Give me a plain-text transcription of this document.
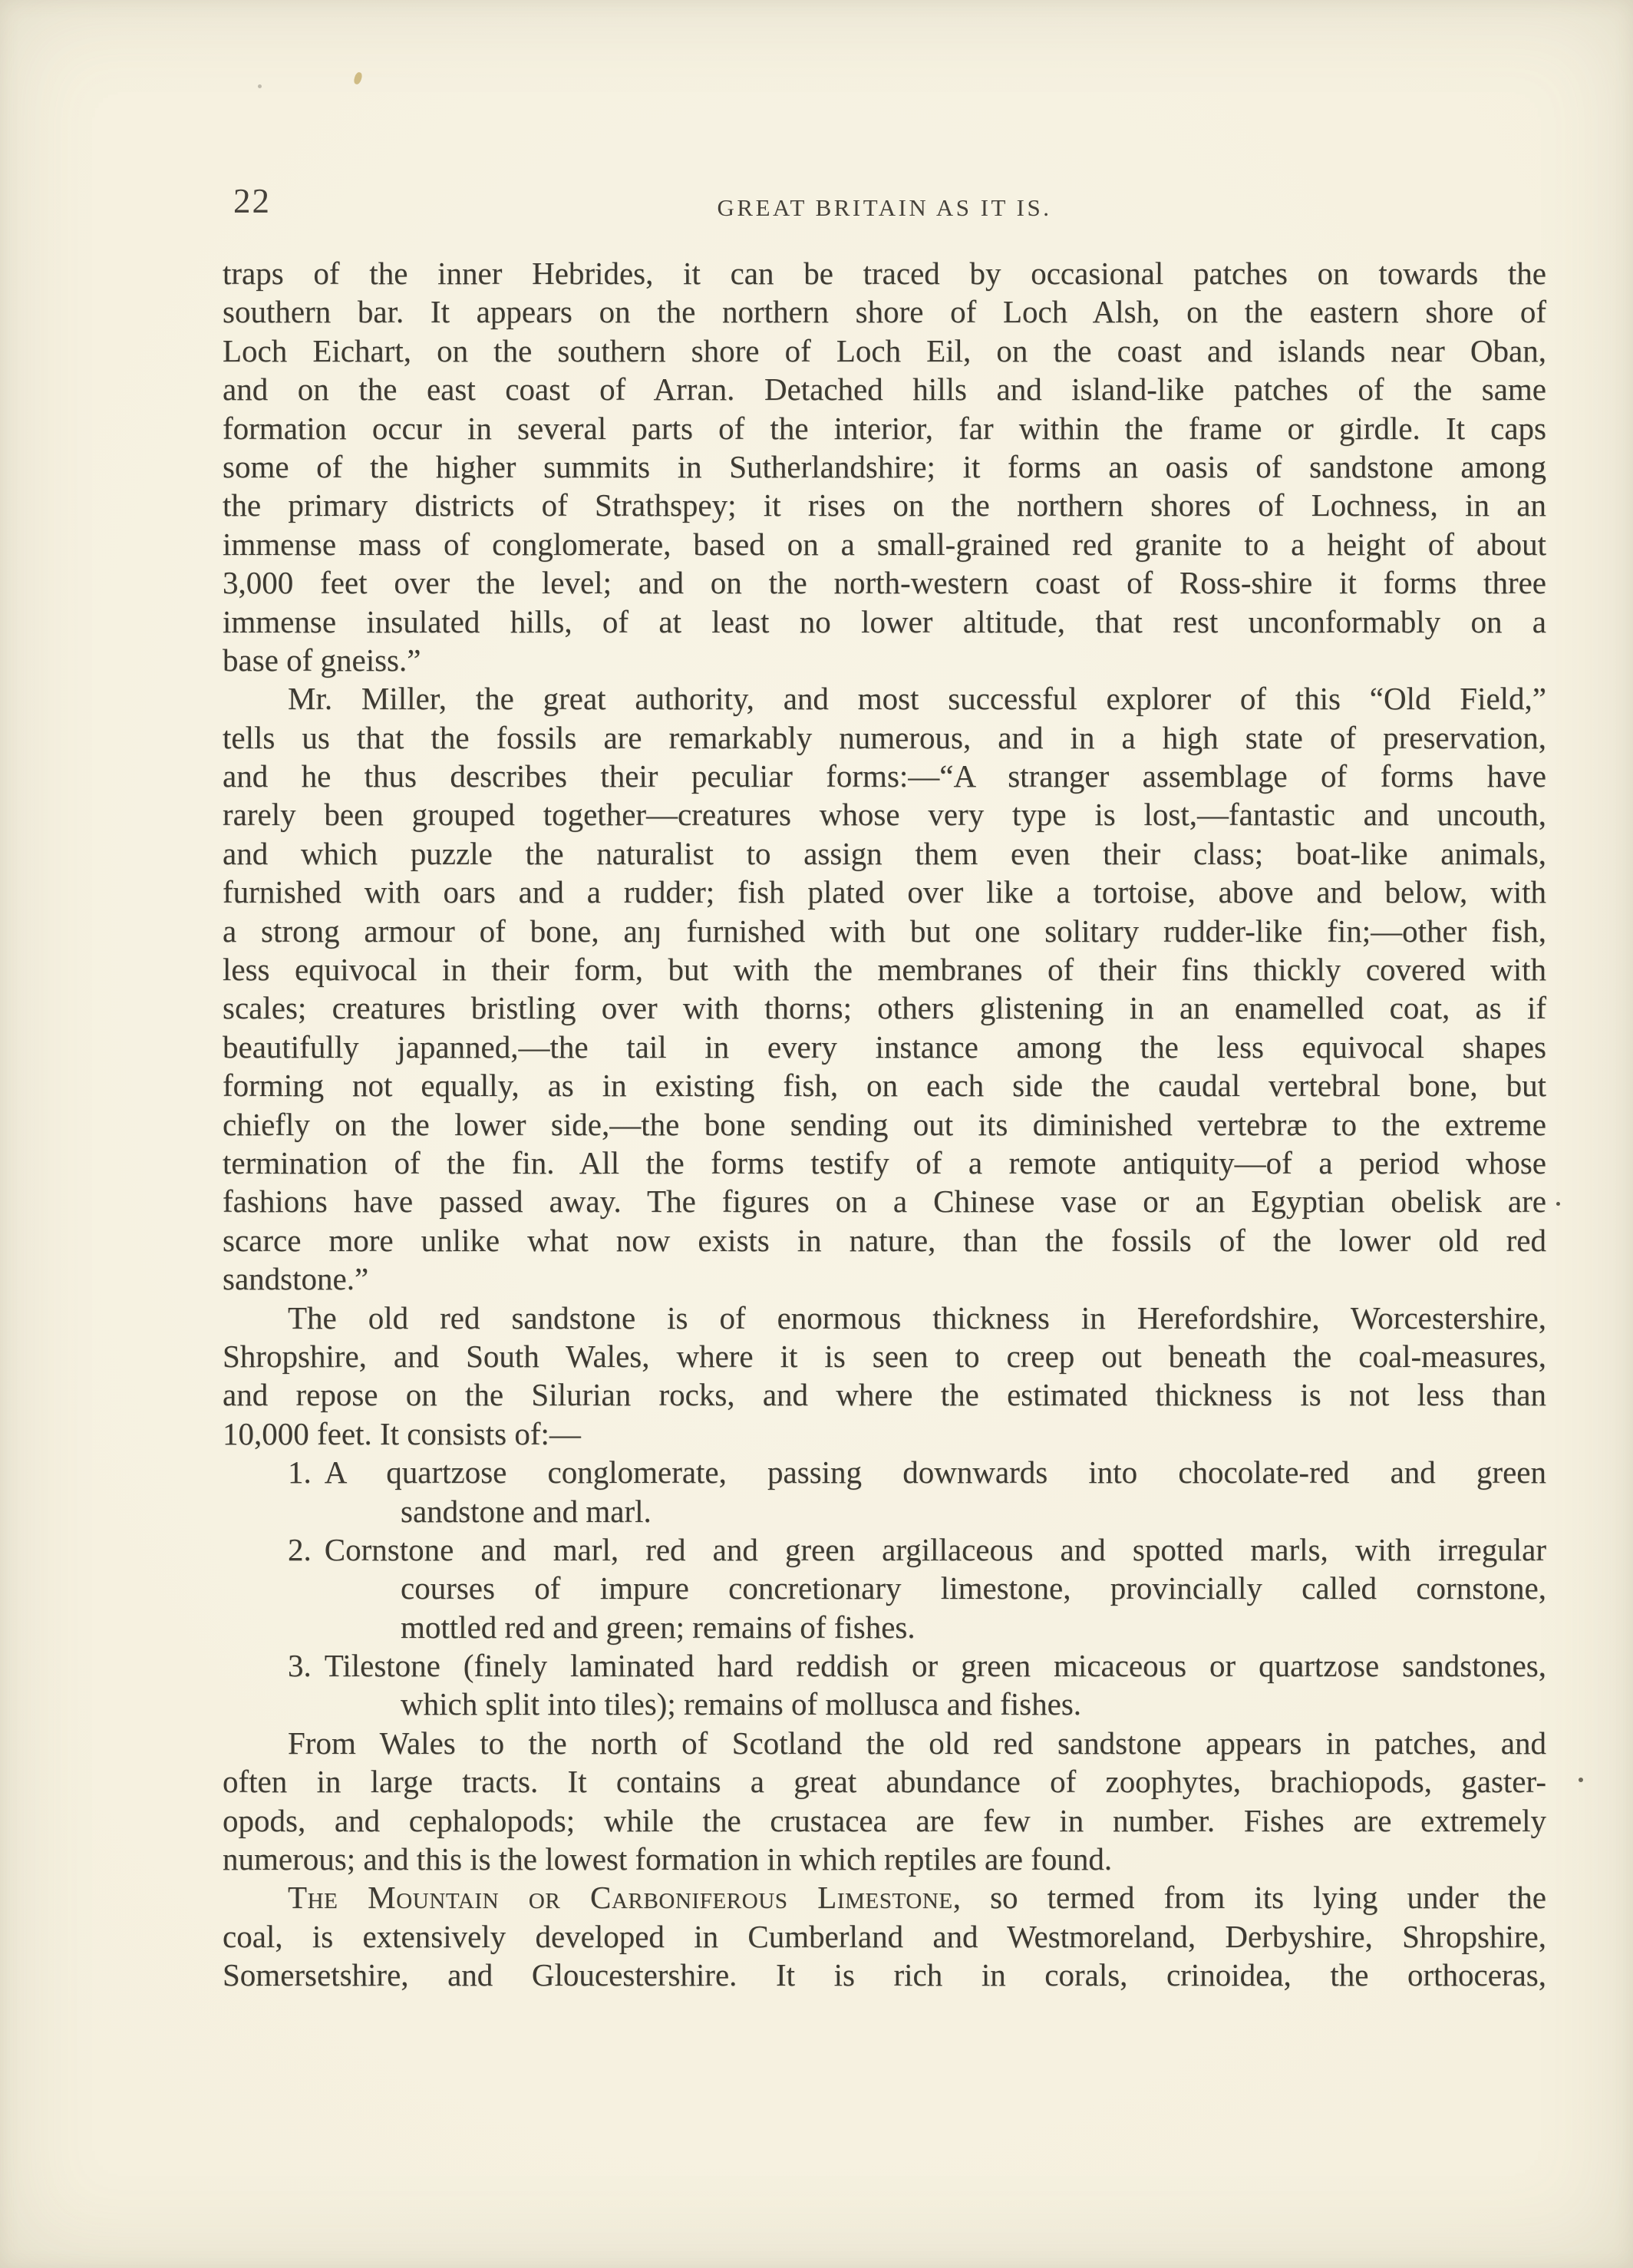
22	GREAT BRITAIN AS IT IS.
traps of the inner Hebrides, it can be traced by occasional patches on towards the
southern bar. It appears on the northern shore of Loch Alsh, on the eastern shore of
Loch Eichart, on the southern shore of Loch Eil, on the coast and islands near Oban,
and on the east coast of Arran. Detached hills and island-like patches of the same
formation occur in several parts of the interior, far within the frame or girdle. It caps
some of the higher summits in Sutherlandshire; it forms an oasis of sandstone among
the primary districts of Strathspey; it rises on the northern shores of Lochness, in an
immense mass of conglomerate, based on a small-grained red granite to a height of about
3,000 feet over the level; and on the north-western coast of Ross-shire it forms three
immense insulated hills, of at least no lower altitude, that rest unconformably on a
base of gneiss.”
Mr. Miller, the great authority, and most successful explorer of this “Old Field,”
tells us that the fossils are remarkably numerous, and in a high state of preservation,
and he thus describes their peculiar forms:—“A stranger assemblage of forms have
rarely been grouped together—creatures whose very type is lost,—fantastic and uncouth,
and which puzzle the naturalist to assign them even their class; boat-like animals,
furnished with oars and a rudder; fish plated over like a tortoise, above and below, with
a strong armour of bone, anȷ furnished with but one solitary rudder-like fin;—other fish,
less equivocal in their form, but with the membranes of their fins thickly covered with
scales; creatures bristling over with thorns; others glistening in an enamelled coat, as if
beautifully japanned,—the tail in every instance among the less equivocal shapes
forming not equally, as in existing fish, on each side the caudal vertebral bone, but
chiefly on the lower side,—the bone sending out its diminished vertebræ to the extreme
termination of the fin. All the forms testify of a remote antiquity—of a period whose
fashions have passed away. The figures on a Chinese vase or an Egyptian obelisk are
scarce more unlike what now exists in nature, than the fossils of the lower old red
sandstone.”
The old red sandstone is of enormous thickness in Herefordshire, Worcestershire,
Shropshire, and South Wales, where it is seen to creep out beneath the coal-measures,
and repose on the Silurian rocks, and where the estimated thickness is not less than
10,000 feet. It consists of:—
1. A quartzose conglomerate, passing downwards into chocolate-red and green
sandstone and marl.
2. Cornstone and marl, red and green argillaceous and spotted marls, with irregular
courses of impure concretionary limestone, provincially called cornstone,
mottled red and green; remains of fishes.
3. Tilestone (finely laminated hard reddish or green micaceous or quartzose sandstones,
which split into tiles); remains of mollusca and fishes.
From Wales to the north of Scotland the old red sandstone appears in patches, and
often in large tracts. It contains a great abundance of zoophytes, brachiopods, gaster-
opods, and cephalopods; while the crustacea are few in number. Fishes are extremely
numerous; and this is the lowest formation in which reptiles are found.
The Mountain or Carboniferous Limestone, so termed from its lying under the
coal, is extensively developed in Cumberland and Westmoreland, Derbyshire, Shropshire,
Somersetshire, and Gloucestershire. It is rich in corals, crinoidea, the orthoceras,
